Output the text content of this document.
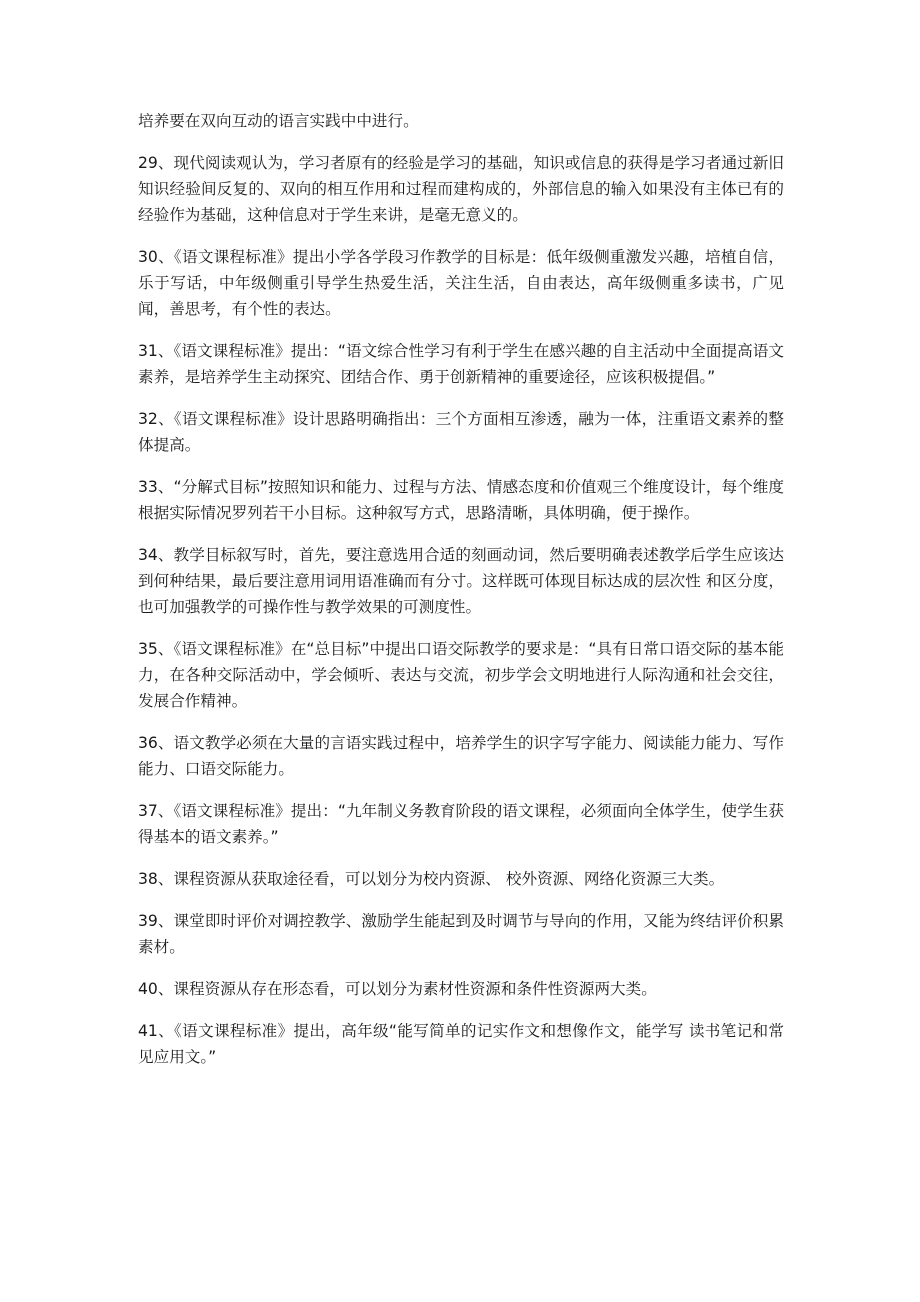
培养要在双向互动的语言实践中中进行。

29、现代阅读观认为，学习者原有的经验是学习的基础，知识或信息的获得是学习者通过新旧知识经验间反复的、双向的相互作用和过程而建构成的，外部信息的输入如果没有主体已有的经验作为基础，这种信息对于学生来讲，是毫无意义的。

30、《语文课程标准》提出小学各学段习作教学的目标是：低年级侧重激发兴趣，培植自信，乐于写话，中年级侧重引导学生热爱生活，关注生活，自由表达，高年级侧重多读书，广见闻，善思考，有个性的表达。

31、《语文课程标准》提出：“语文综合性学习有利于学生在感兴趣的自主活动中全面提高语文素养，是培养学生主动探究、团结合作、勇于创新精神的重要途径，应该积极提倡。”

32、《语文课程标准》设计思路明确指出：三个方面相互渗透，融为一体，注重语文素养的整体提高。

33、“分解式目标”按照知识和能力、过程与方法、情感态度和价值观三个维度设计，每个维度根据实际情况罗列若干小目标。这种叙写方式，思路清晰，具体明确，便于操作。

34、教学目标叙写时，首先，要注意选用合适的刻画动词，然后要明确表述教学后学生应该达到何种结果，最后要注意用词用语准确而有分寸。这样既可体现目标达成的层次性 和区分度，也可加强教学的可操作性与教学效果的可测度性。

35、《语文课程标准》在“总目标”中提出口语交际教学的要求是：“具有日常口语交际的基本能力，在各种交际活动中，学会倾听、表达与交流，初步学会文明地进行人际沟通和社会交往，发展合作精神。

36、语文教学必须在大量的言语实践过程中，培养学生的识字写字能力、阅读能力能力、写作能力、口语交际能力。

37、《语文课程标准》提出：“九年制义务教育阶段的语文课程，必须面向全体学生，使学生获得基本的语文素养。”

38、课程资源从获取途径看，可以划分为校内资源、 校外资源、网络化资源三大类。

39、课堂即时评价对调控教学、激励学生能起到及时调节与导向的作用，又能为终结评价积累素材。

40、课程资源从存在形态看，可以划分为素材性资源和条件性资源两大类。

41、《语文课程标准》提出，高年级“能写简单的记实作文和想像作文，能学写 读书笔记和常见应用文。”
